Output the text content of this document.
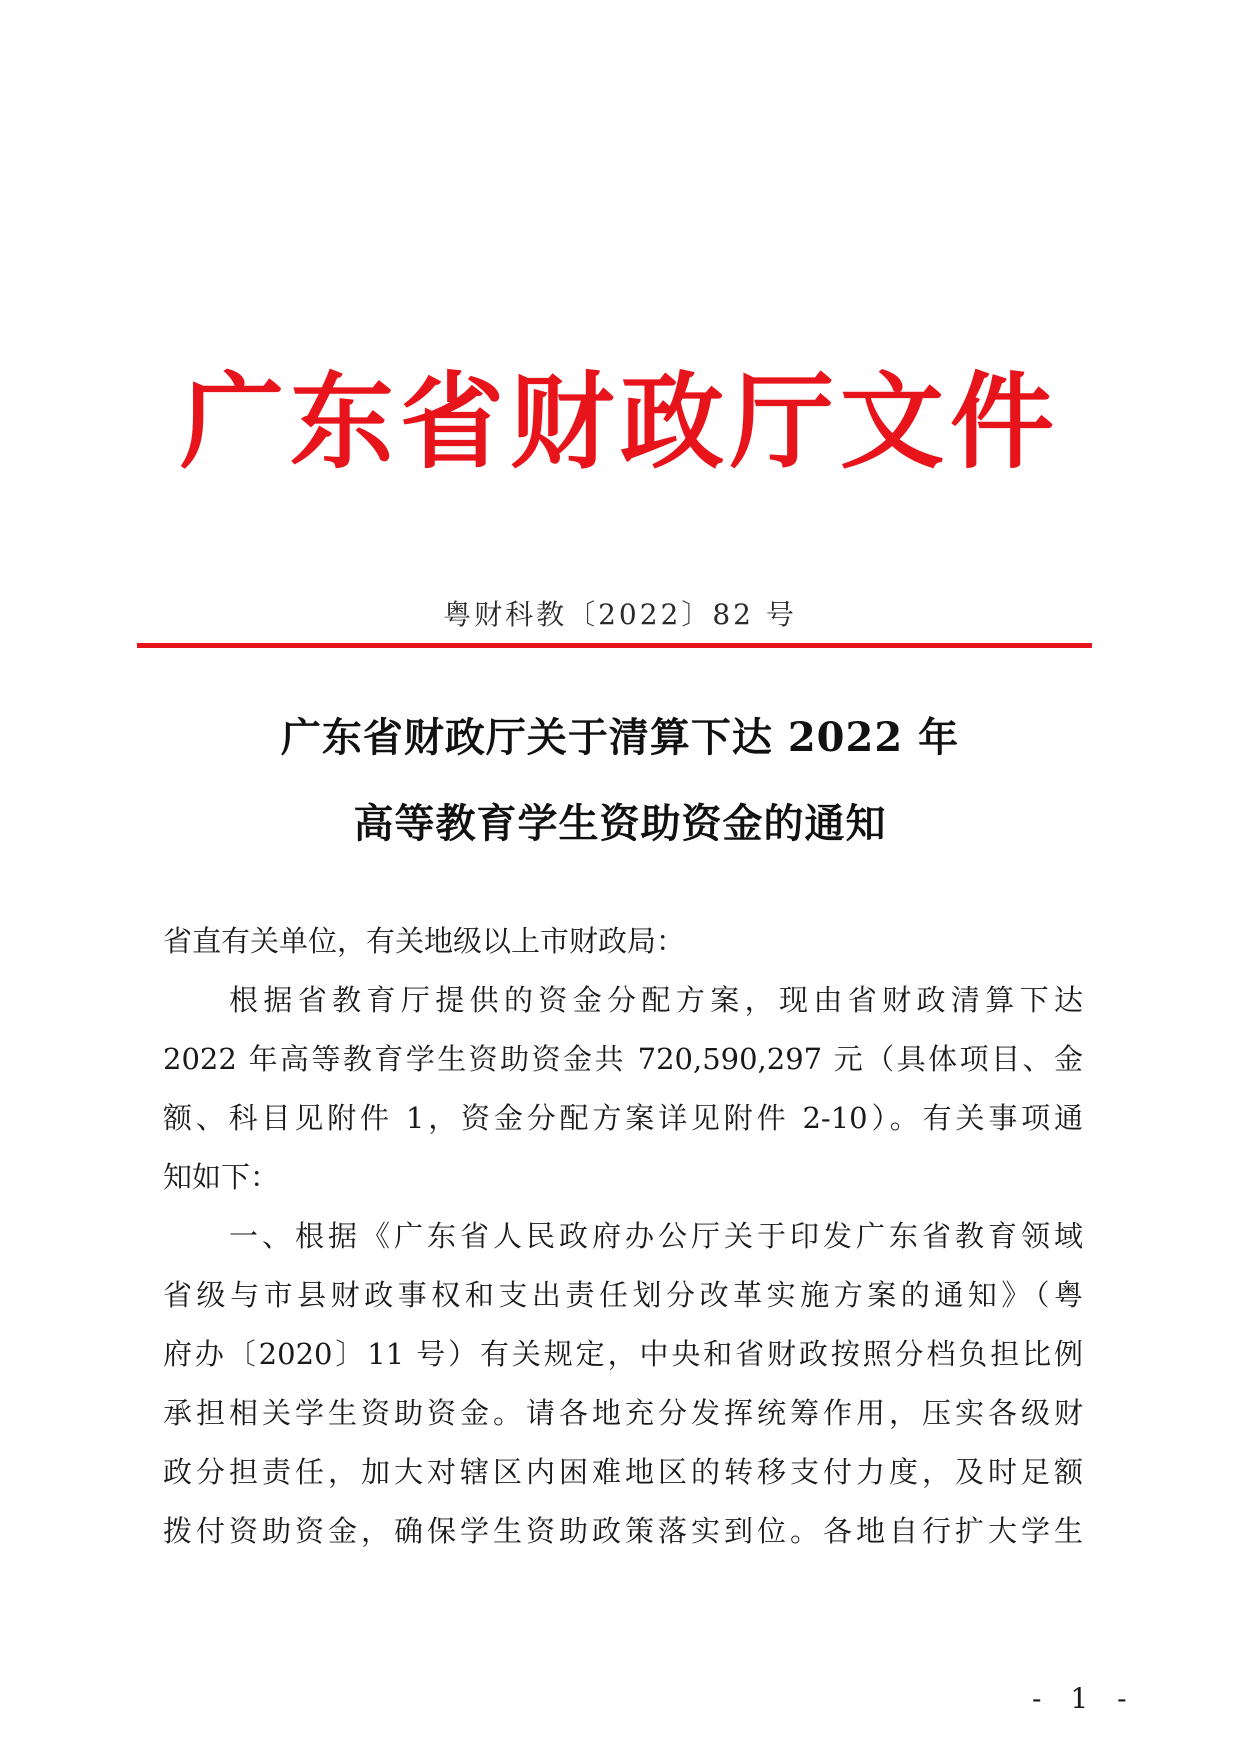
广东省财政厅文件
粤财科教〔2022〕82 号
广东省财政厅关于清算下达 2022 年
高等教育学生资助资金的通知
省直有关单位，有关地级以上市财政局：
根据省教育厅提供的资金分配方案，现由省财政清算下达
2022 年高等教育学生资助资金共 720,590,297 元（具体项目、金
额、科目见附件 1，资金分配方案详见附件 2-10）。有关事项通
知如下：
一、根据《广东省人民政府办公厅关于印发广东省教育领域
省级与市县财政事权和支出责任划分改革实施方案的通知》（粤
府办〔2020〕11 号）有关规定，中央和省财政按照分档负担比例
承担相关学生资助资金。请各地充分发挥统筹作用，压实各级财
政分担责任，加大对辖区内困难地区的转移支付力度，及时足额
拨付资助资金，确保学生资助政策落实到位。各地自行扩大学生
- 1 -
